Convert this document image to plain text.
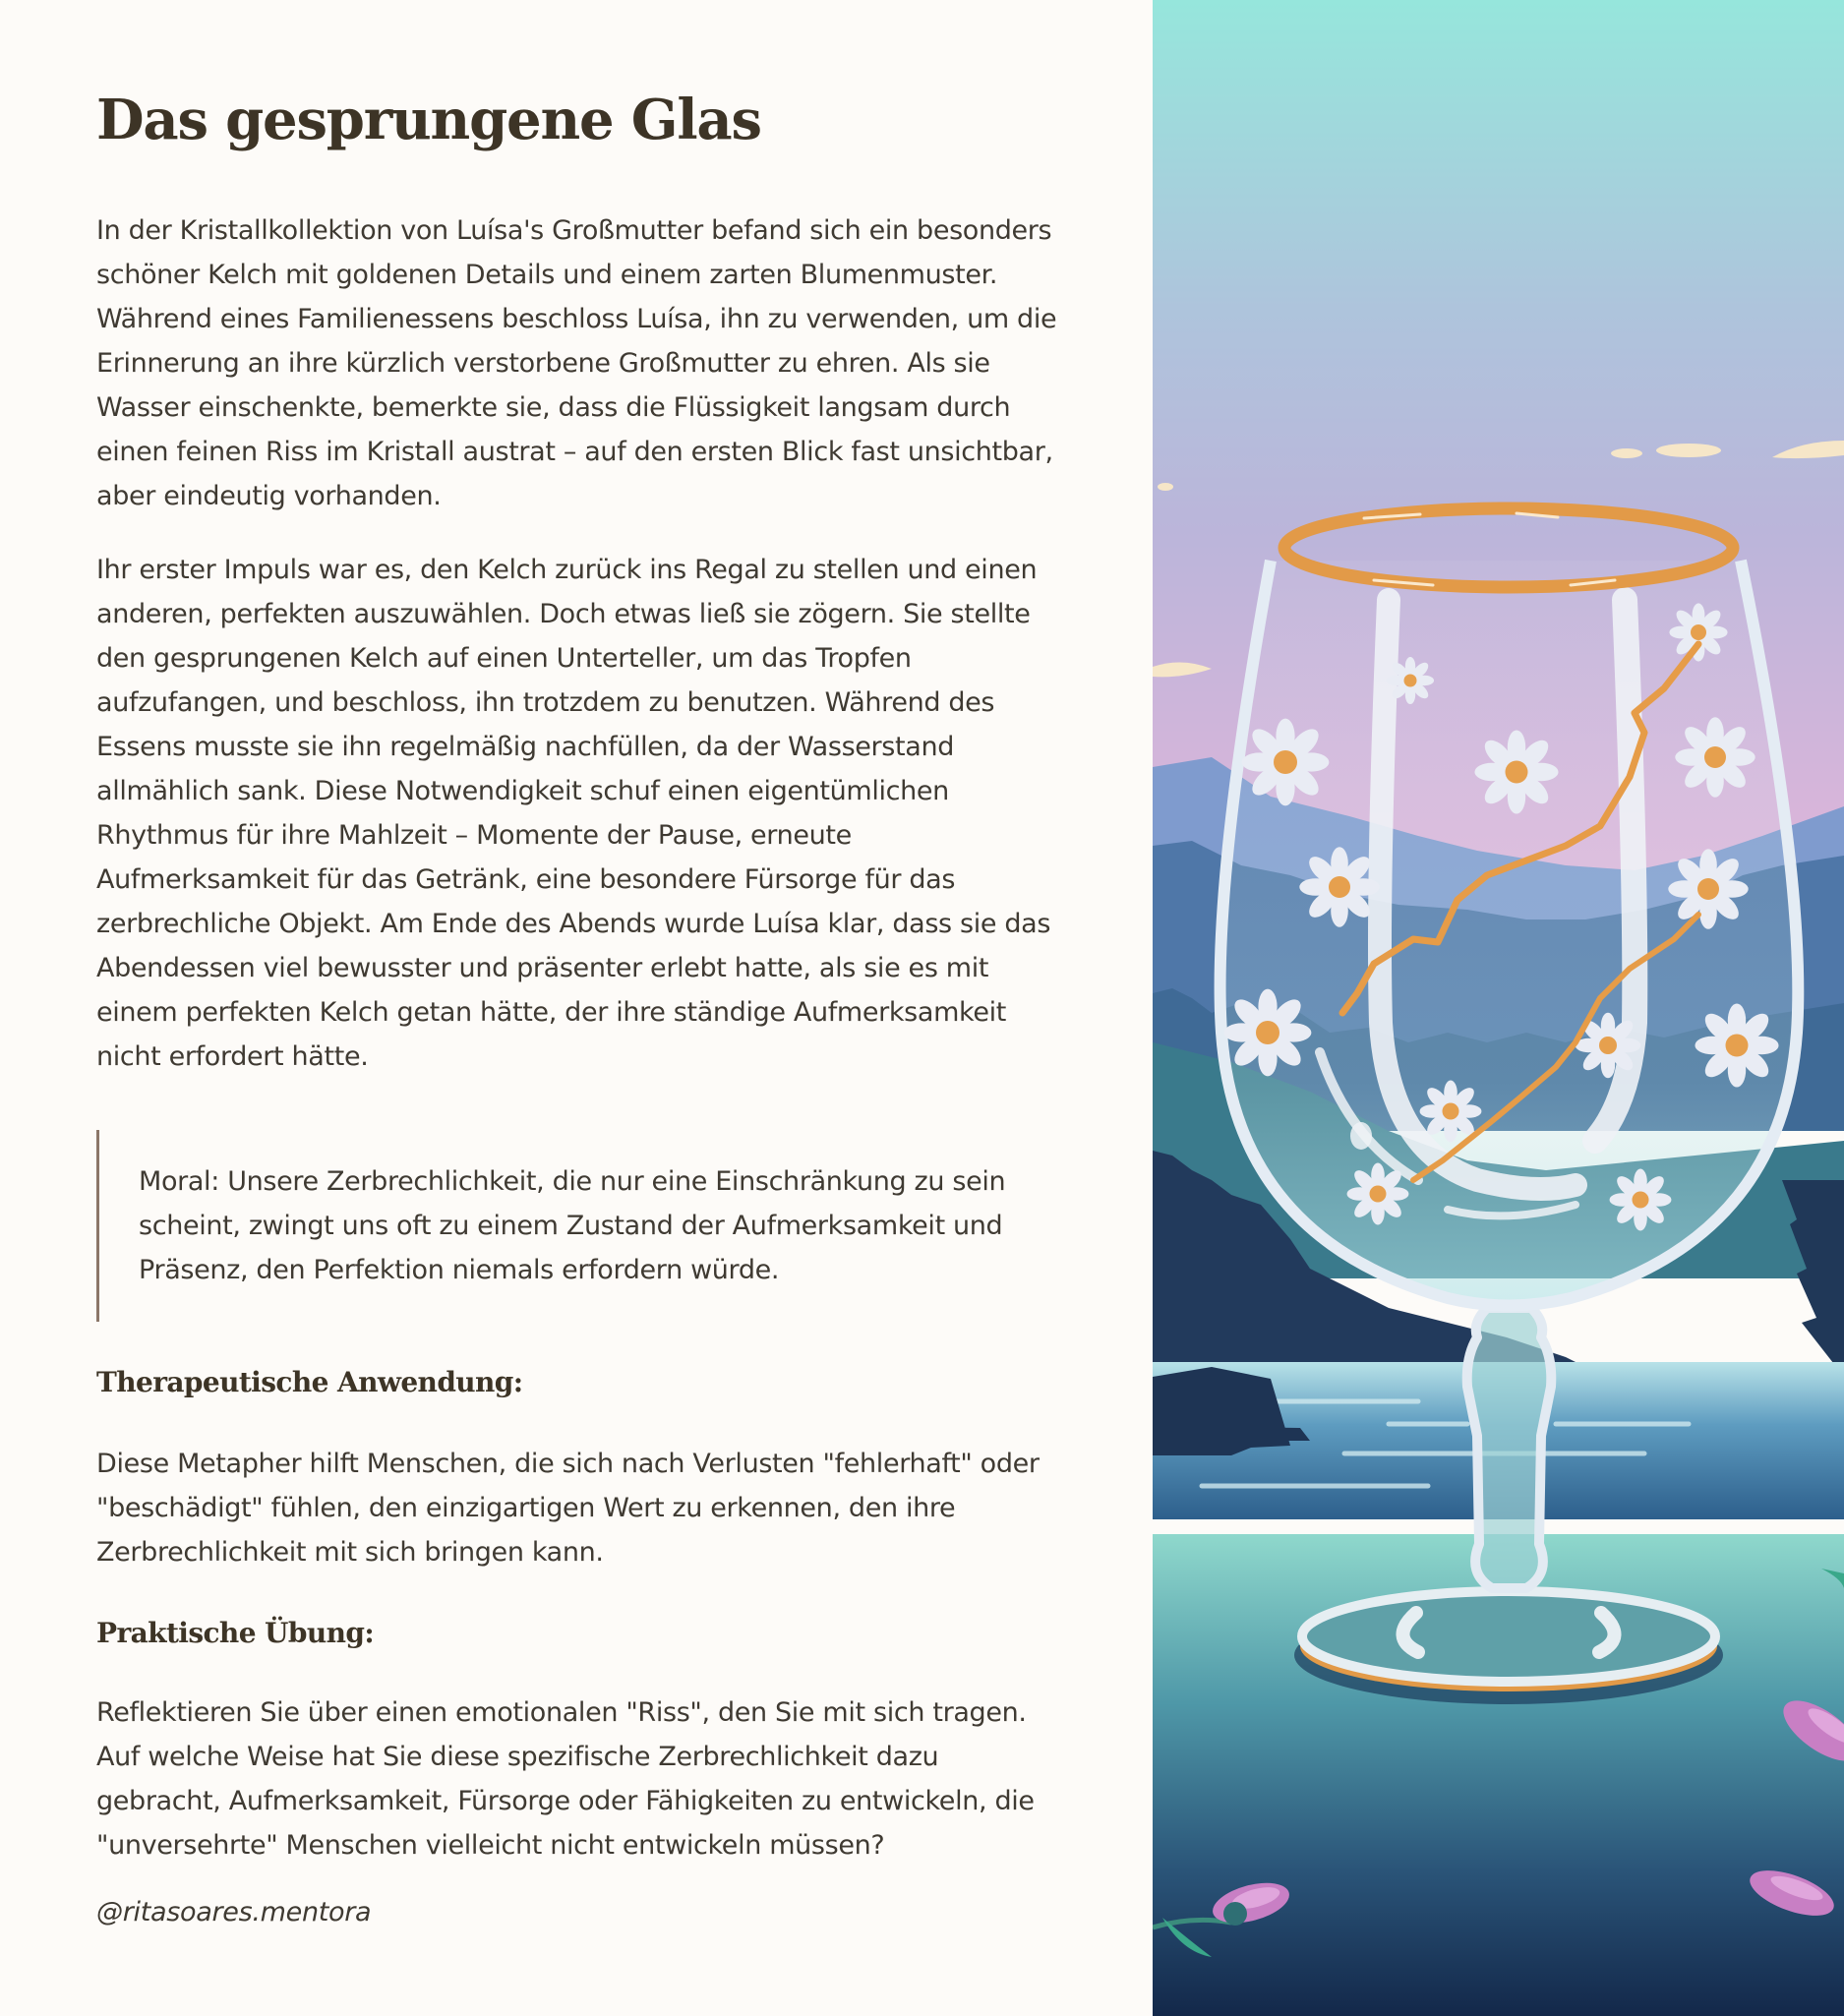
Das gesprungene Glas

In der Kristallkollektion von Luísa's Großmutter befand sich ein besonders schöner Kelch mit goldenen Details und einem zarten Blumenmuster. Während eines Familienessens beschloss Luísa, ihn zu verwenden, um die Erinnerung an ihre kürzlich verstorbene Großmutter zu ehren. Als sie Wasser einschenkte, bemerkte sie, dass die Flüssigkeit langsam durch einen feinen Riss im Kristall austrat – auf den ersten Blick fast unsichtbar, aber eindeutig vorhanden.

Ihr erster Impuls war es, den Kelch zurück ins Regal zu stellen und einen anderen, perfekten auszuwählen. Doch etwas ließ sie zögern. Sie stellte den gesprungenen Kelch auf einen Unterteller, um das Tropfen aufzufangen, und beschloss, ihn trotzdem zu benutzen. Während des Essens musste sie ihn regelmäßig nachfüllen, da der Wasserstand allmählich sank. Diese Notwendigkeit schuf einen eigentümlichen Rhythmus für ihre Mahlzeit – Momente der Pause, erneute Aufmerksamkeit für das Getränk, eine besondere Fürsorge für das zerbrechliche Objekt. Am Ende des Abends wurde Luísa klar, dass sie das Abendessen viel bewusster und präsenter erlebt hatte, als sie es mit einem perfekten Kelch getan hätte, der ihre ständige Aufmerksamkeit nicht erfordert hätte.

Moral: Unsere Zerbrechlichkeit, die nur eine Einschränkung zu sein scheint, zwingt uns oft zu einem Zustand der Aufmerksamkeit und Präsenz, den Perfektion niemals erfordern würde.

Therapeutische Anwendung:

Diese Metapher hilft Menschen, die sich nach Verlusten "fehlerhaft" oder "beschädigt" fühlen, den einzigartigen Wert zu erkennen, den ihre Zerbrechlichkeit mit sich bringen kann.

Praktische Übung:

Reflektieren Sie über einen emotionalen "Riss", den Sie mit sich tragen. Auf welche Weise hat Sie diese spezifische Zerbrechlichkeit dazu gebracht, Aufmerksamkeit, Fürsorge oder Fähigkeiten zu entwickeln, die "unversehrte" Menschen vielleicht nicht entwickeln müssen?

@ritasoares.mentora
